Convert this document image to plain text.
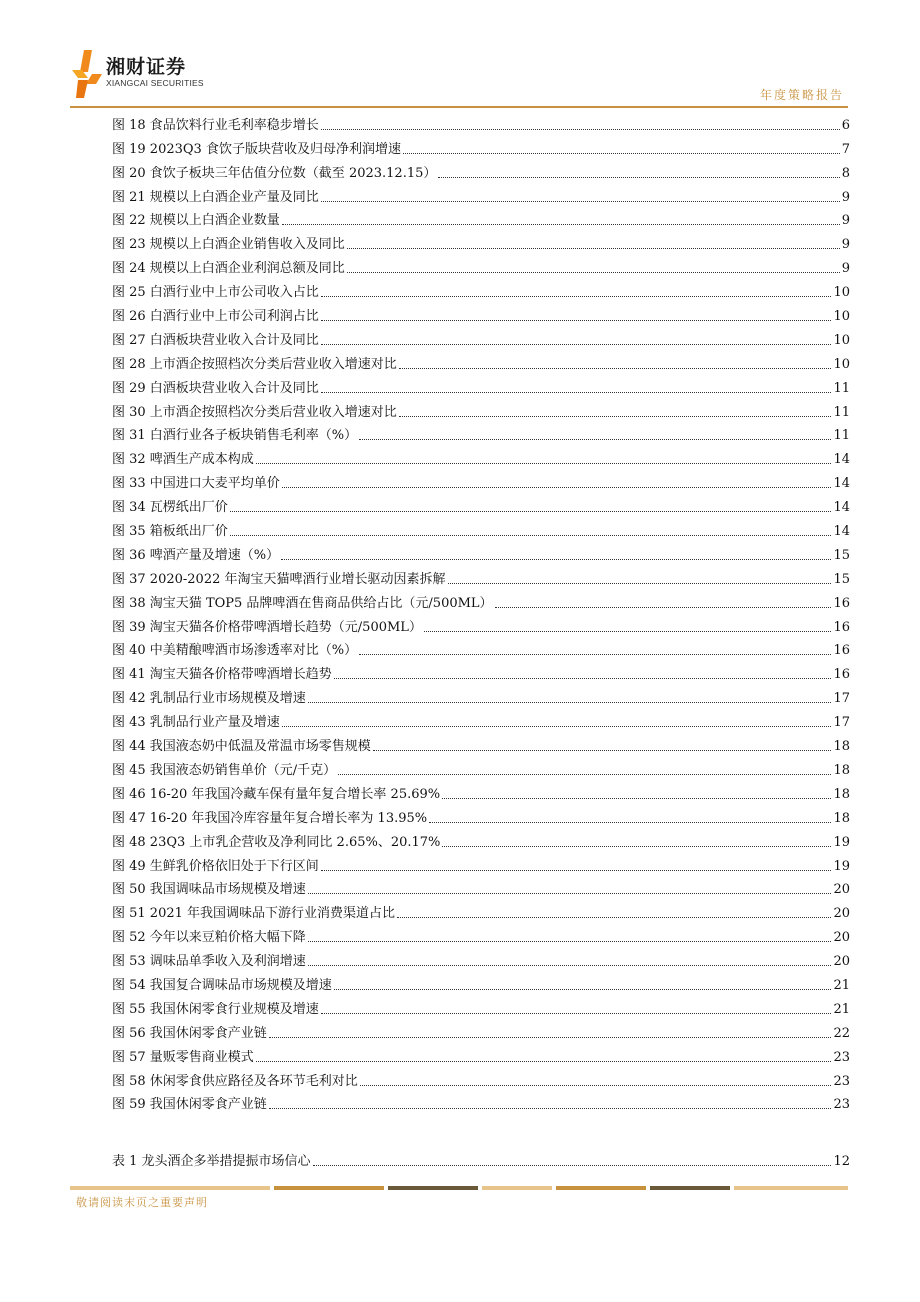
湘财证券
XIANGCAI SECURITIES
年度策略报告
图 18 食品饮料行业毛利率稳步增长	6
图 19 2023Q3 食饮子版块营收及归母净利润增速	7
图 20 食饮子板块三年估值分位数（截至 2023.12.15）	8
图 21 规模以上白酒企业产量及同比	9
图 22 规模以上白酒企业数量	9
图 23 规模以上白酒企业销售收入及同比	9
图 24 规模以上白酒企业利润总额及同比	9
图 25 白酒行业中上市公司收入占比	10
图 26 白酒行业中上市公司利润占比	10
图 27 白酒板块营业收入合计及同比	10
图 28 上市酒企按照档次分类后营业收入增速对比	10
图 29 白酒板块营业收入合计及同比	11
图 30 上市酒企按照档次分类后营业收入增速对比	11
图 31 白酒行业各子板块销售毛利率（%）	11
图 32 啤酒生产成本构成	14
图 33 中国进口大麦平均单价	14
图 34 瓦楞纸出厂价	14
图 35 箱板纸出厂价	14
图 36 啤酒产量及增速（%）	15
图 37 2020-2022 年淘宝天猫啤酒行业增长驱动因素拆解	15
图 38 淘宝天猫 TOP5 品牌啤酒在售商品供给占比（元/500ML）	16
图 39 淘宝天猫各价格带啤酒增长趋势（元/500ML）	16
图 40 中美精酿啤酒市场渗透率对比（%）	16
图 41 淘宝天猫各价格带啤酒增长趋势	16
图 42 乳制品行业市场规模及增速	17
图 43 乳制品行业产量及增速	17
图 44 我国液态奶中低温及常温市场零售规模	18
图 45 我国液态奶销售单价（元/千克）	18
图 46 16-20 年我国冷藏车保有量年复合增长率 25.69%	18
图 47 16-20 年我国冷库容量年复合增长率为 13.95%	18
图 48 23Q3 上市乳企营收及净利同比 2.65%、20.17%	19
图 49 生鲜乳价格依旧处于下行区间	19
图 50 我国调味品市场规模及增速	20
图 51 2021 年我国调味品下游行业消费渠道占比	20
图 52 今年以来豆粕价格大幅下降	20
图 53 调味品单季收入及利润增速	20
图 54 我国复合调味品市场规模及增速	21
图 55 我国休闲零食行业规模及增速	21
图 56 我国休闲零食产业链	22
图 57 量贩零售商业模式	23
图 58 休闲零食供应路径及各环节毛利对比	23
图 59 我国休闲零食产业链	23
表 1 龙头酒企多举措提振市场信心	12
敬请阅读末页之重要声明
